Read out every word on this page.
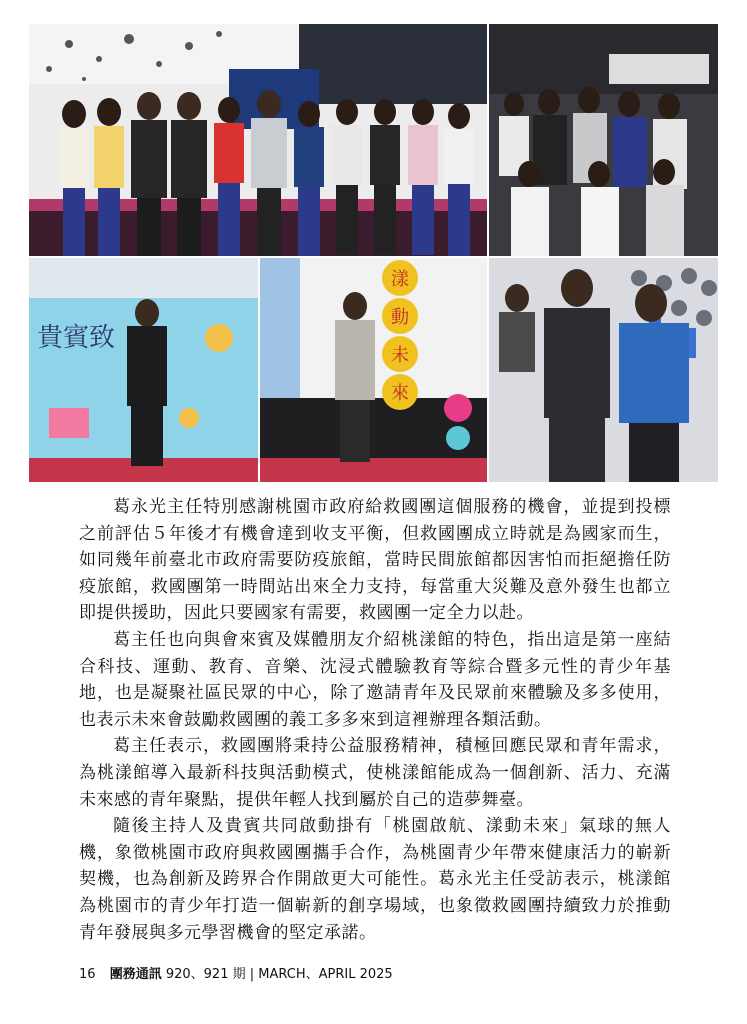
貴賓致
漾
動
未
來

葛永光主任特別感謝桃園市政府給救國團這個服務的機會，並提到投標之前評估５年後才有機會達到收支平衡，但救國團成立時就是為國家而生，如同幾年前臺北市政府需要防疫旅館，當時民間旅館都因害怕而拒絕擔任防疫旅館，救國團第一時間站出來全力支持，每當重大災難及意外發生也都立即提供援助，因此只要國家有需要，救國團一定全力以赴。

葛主任也向與會來賓及媒體朋友介紹桃漾館的特色，指出這是第一座結合科技、運動、教育、音樂、沈浸式體驗教育等綜合暨多元性的青少年基地，也是凝聚社區民眾的中心，除了邀請青年及民眾前來體驗及多多使用，也表示未來會鼓勵救國團的義工多多來到這裡辦理各類活動。

葛主任表示，救國團將秉持公益服務精神，積極回應民眾和青年需求，為桃漾館導入最新科技與活動模式，使桃漾館能成為一個創新、活力、充滿未來感的青年聚點，提供年輕人找到屬於自己的造夢舞臺。

隨後主持人及貴賓共同啟動掛有「桃園啟航、漾動未來」氣球的無人機，象徵桃園市政府與救國團攜手合作，為桃園青少年帶來健康活力的嶄新契機，也為創新及跨界合作開啟更大可能性。葛永光主任受訪表示，桃漾館為桃園市的青少年打造一個嶄新的創享場域，也象徵救國團持續致力於推動青年發展與多元學習機會的堅定承諾。

16 團務通訊 920、921 期 | MARCH、APRIL 2025
